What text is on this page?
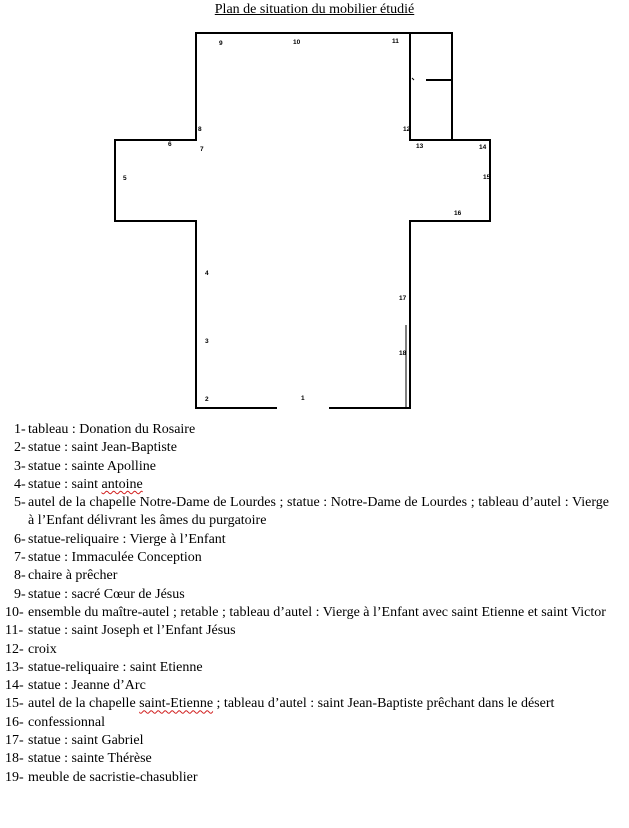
Plan de situation du mobilier étudié
1
2
3
4
5
6
7
8
9	10	11
12
13	14
15
16
17
18
1- tableau : Donation du Rosaire
2- statue : saint Jean-Baptiste
3- statue : sainte Apolline
4- statue : saint antoine
5- autel de la chapelle Notre-Dame de Lourdes ; statue : Notre-Dame de Lourdes ; tableau d’autel : Vierge à l’Enfant délivrant les âmes du purgatoire
6- statue-reliquaire : Vierge à l’Enfant
7- statue : Immaculée Conception
8- chaire à prêcher
9- statue : sacré Cœur de Jésus
10- ensemble du maître-autel ; retable ; tableau d’autel : Vierge à l’Enfant avec saint Etienne et saint Victor
11- statue : saint Joseph et l’Enfant Jésus
12- croix
13- statue-reliquaire : saint Etienne
14- statue : Jeanne d’Arc
15- autel de la chapelle saint-Etienne ; tableau d’autel : saint Jean-Baptiste prêchant dans le désert
16- confessionnal
17- statue : saint Gabriel
18- statue : sainte Thérèse
19- meuble de sacristie-chasublier
